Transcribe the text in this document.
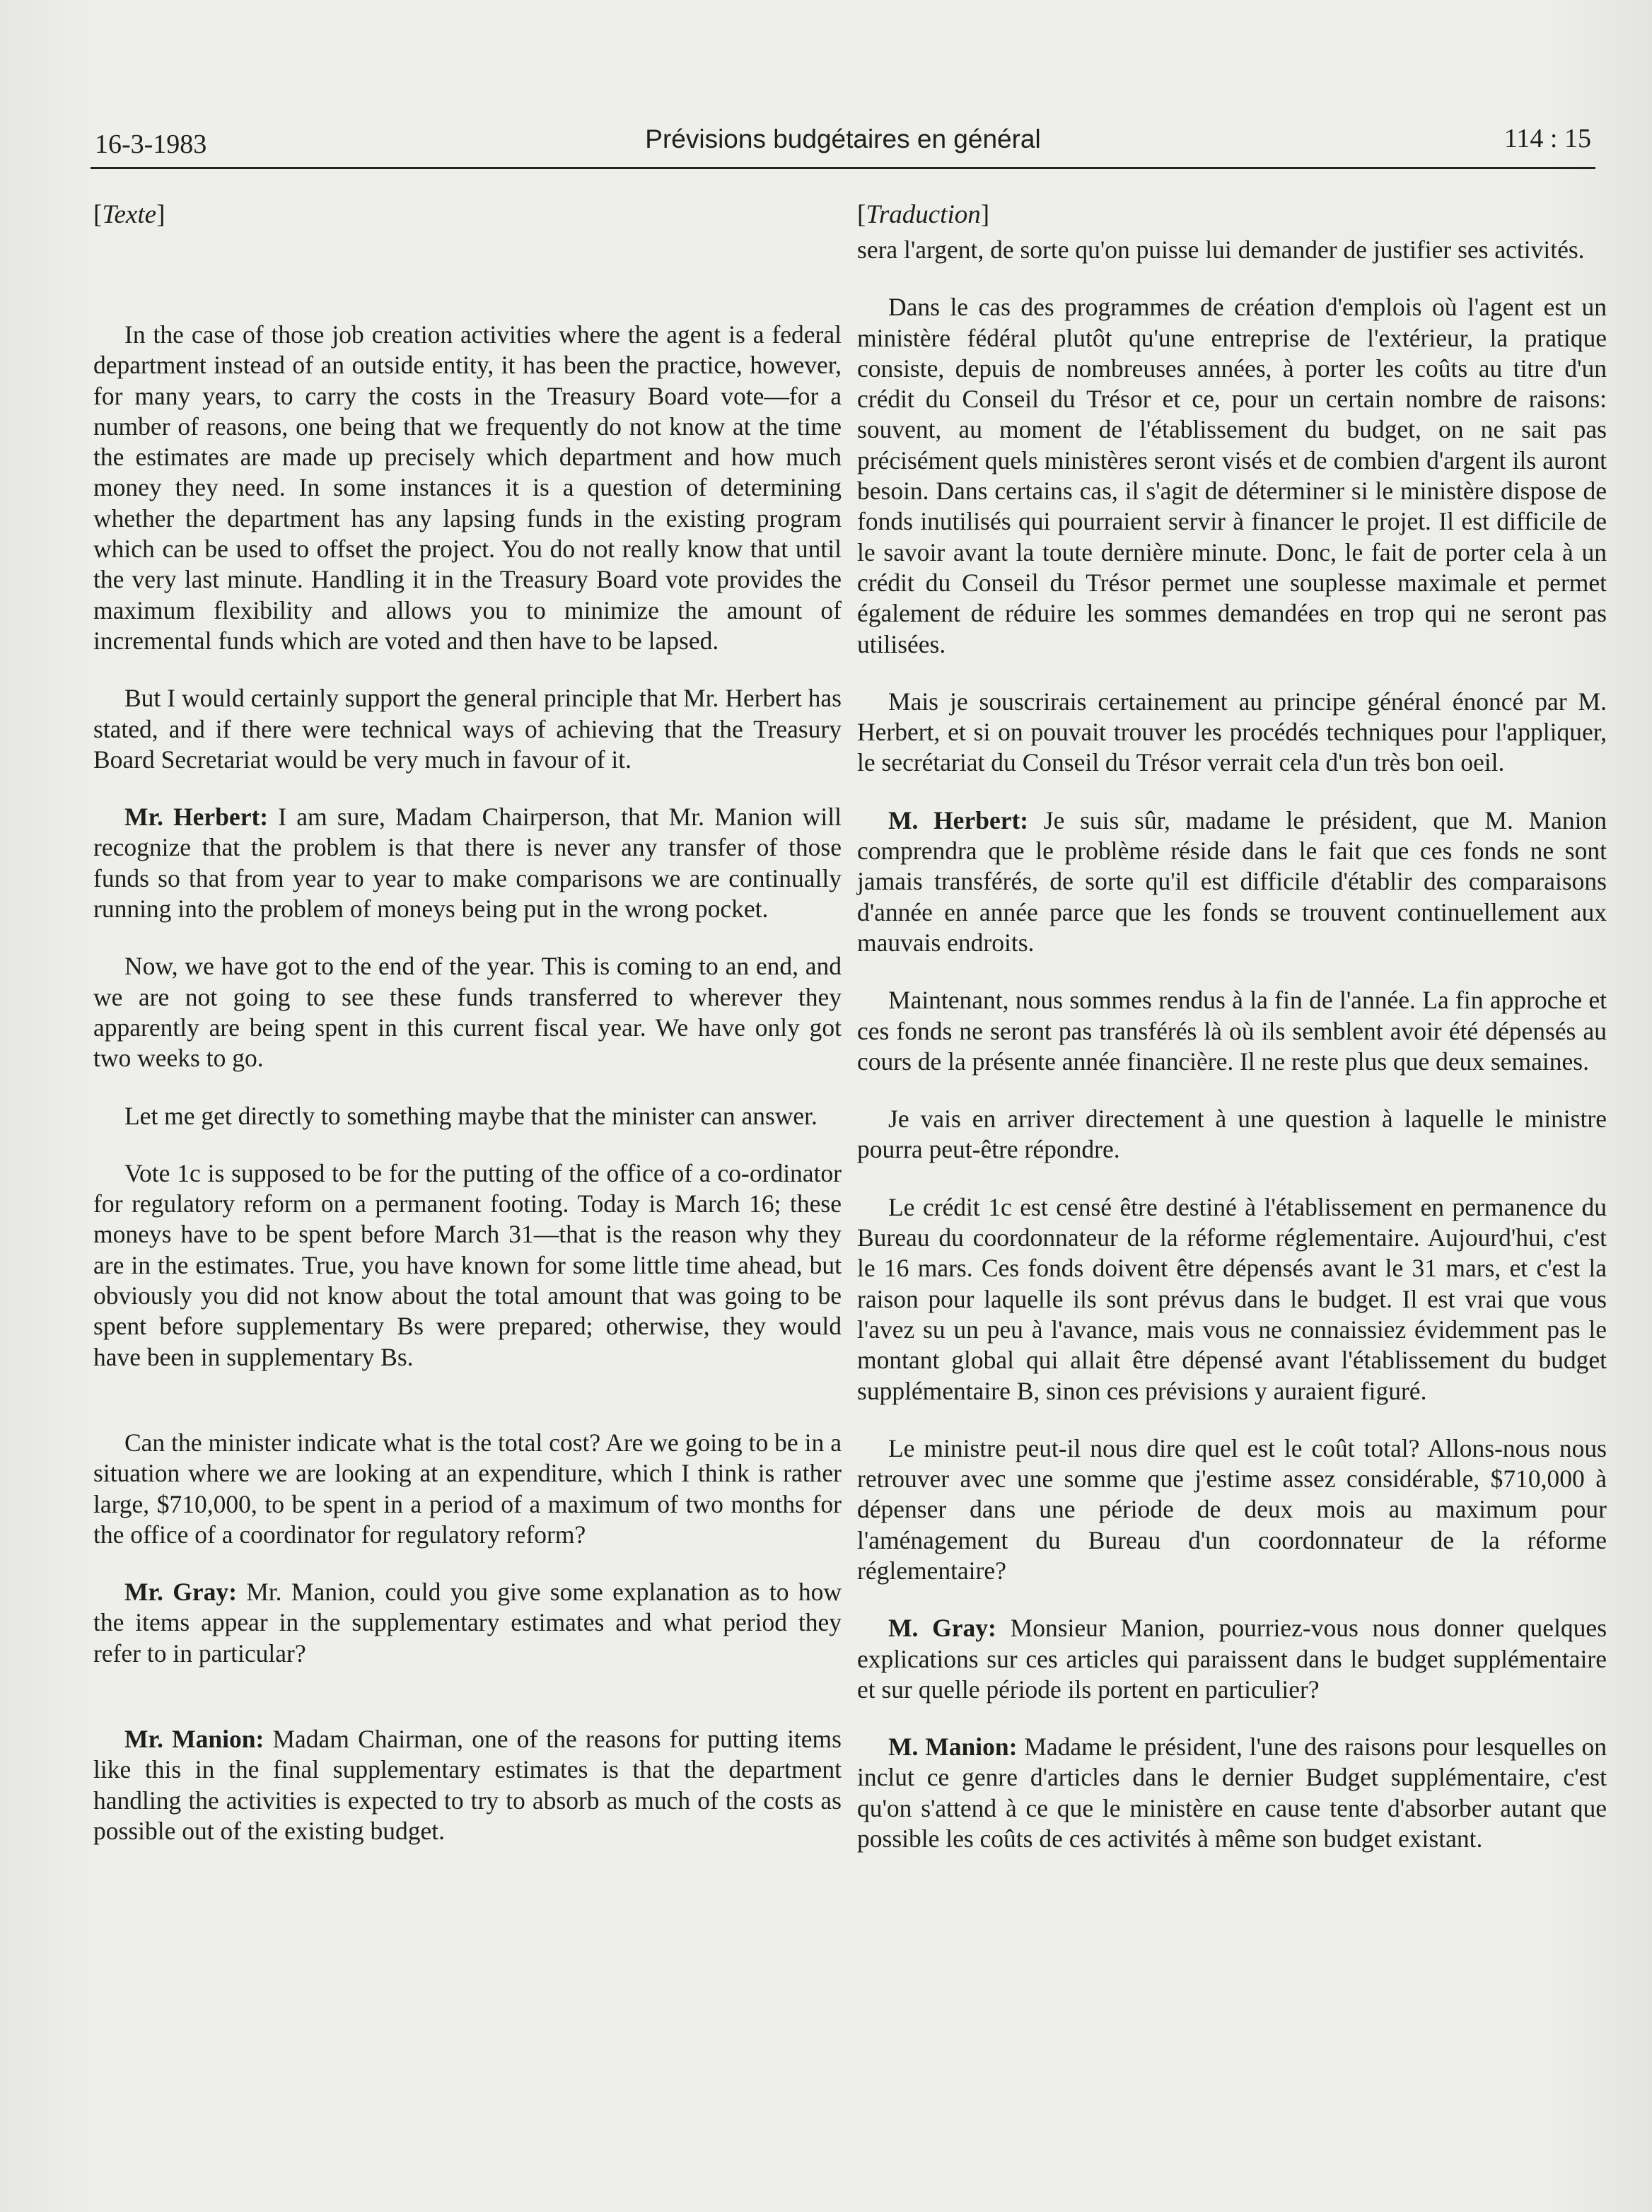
16-3-1983	Prévisions budgétaires en général	114 : 15
[Texte]

In the case of those job creation activities where the agent is a federal department instead of an outside entity, it has been the practice, however, for many years, to carry the costs in the Treasury Board vote—for a number of reasons, one being that we frequently do not know at the time the estimates are made up precisely which department and how much money they need. In some instances it is a question of determining whether the department has any lapsing funds in the existing program which can be used to offset the project. You do not really know that until the very last minute. Handling it in the Treasury Board vote provides the maximum flexibility and allows you to minimize the amount of incremental funds which are voted and then have to be lapsed.

But I would certainly support the general principle that Mr. Herbert has stated, and if there were technical ways of achieving that the Treasury Board Secretariat would be very much in favour of it.

Mr. Herbert: I am sure, Madam Chairperson, that Mr. Manion will recognize that the problem is that there is never any transfer of those funds so that from year to year to make comparisons we are continually running into the problem of moneys being put in the wrong pocket.

Now, we have got to the end of the year. This is coming to an end, and we are not going to see these funds transferred to wherever they apparently are being spent in this current fiscal year. We have only got two weeks to go.

Let me get directly to something maybe that the minister can answer.

Vote 1c is supposed to be for the putting of the office of a co-ordinator for regulatory reform on a permanent footing. Today is March 16; these moneys have to be spent before March 31—that is the reason why they are in the estimates. True, you have known for some little time ahead, but obviously you did not know about the total amount that was going to be spent before supplementary Bs were prepared; otherwise, they would have been in supplementary Bs.

Can the minister indicate what is the total cost? Are we going to be in a situation where we are looking at an expenditure, which I think is rather large, $710,000, to be spent in a period of a maximum of two months for the office of a coordinator for regulatory reform?

Mr. Gray: Mr. Manion, could you give some explanation as to how the items appear in the supplementary estimates and what period they refer to in particular?

Mr. Manion: Madam Chairman, one of the reasons for putting items like this in the final supplementary estimates is that the department handling the activities is expected to try to absorb as much of the costs as possible out of the existing budget.

[Traduction]

sera l'argent, de sorte qu'on puisse lui demander de justifier ses activités.

Dans le cas des programmes de création d'emplois où l'agent est un ministère fédéral plutôt qu'une entreprise de l'extérieur, la pratique consiste, depuis de nombreuses années, à porter les coûts au titre d'un crédit du Conseil du Trésor et ce, pour un certain nombre de raisons: souvent, au moment de l'établissement du budget, on ne sait pas précisément quels ministères seront visés et de combien d'argent ils auront besoin. Dans certains cas, il s'agit de déterminer si le ministère dispose de fonds inutilisés qui pourraient servir à financer le projet. Il est difficile de le savoir avant la toute dernière minute. Donc, le fait de porter cela à un crédit du Conseil du Trésor permet une souplesse maximale et permet également de réduire les sommes demandées en trop qui ne seront pas utilisées.

Mais je souscrirais certainement au principe général énoncé par M. Herbert, et si on pouvait trouver les procédés techniques pour l'appliquer, le secrétariat du Conseil du Trésor verrait cela d'un très bon oeil.

M. Herbert: Je suis sûr, madame le président, que M. Manion comprendra que le problème réside dans le fait que ces fonds ne sont jamais transférés, de sorte qu'il est difficile d'établir des comparaisons d'année en année parce que les fonds se trouvent continuellement aux mauvais endroits.

Maintenant, nous sommes rendus à la fin de l'année. La fin approche et ces fonds ne seront pas transférés là où ils semblent avoir été dépensés au cours de la présente année financière. Il ne reste plus que deux semaines.

Je vais en arriver directement à une question à laquelle le ministre pourra peut-être répondre.

Le crédit 1c est censé être destiné à l'établissement en permanence du Bureau du coordonnateur de la réforme réglementaire. Aujourd'hui, c'est le 16 mars. Ces fonds doivent être dépensés avant le 31 mars, et c'est la raison pour laquelle ils sont prévus dans le budget. Il est vrai que vous l'avez su un peu à l'avance, mais vous ne connaissiez évidemment pas le montant global qui allait être dépensé avant l'établissement du budget supplémentaire B, sinon ces prévisions y auraient figuré.

Le ministre peut-il nous dire quel est le coût total? Allons-nous nous retrouver avec une somme que j'estime assez considérable, $710,000 à dépenser dans une période de deux mois au maximum pour l'aménagement du Bureau d'un coordonnateur de la réforme réglementaire?

M. Gray: Monsieur Manion, pourriez-vous nous donner quelques explications sur ces articles qui paraissent dans le budget supplémentaire et sur quelle période ils portent en particulier?

M. Manion: Madame le président, l'une des raisons pour lesquelles on inclut ce genre d'articles dans le dernier Budget supplémentaire, c'est qu'on s'attend à ce que le ministère en cause tente d'absorber autant que possible les coûts de ces activités à même son budget existant.
